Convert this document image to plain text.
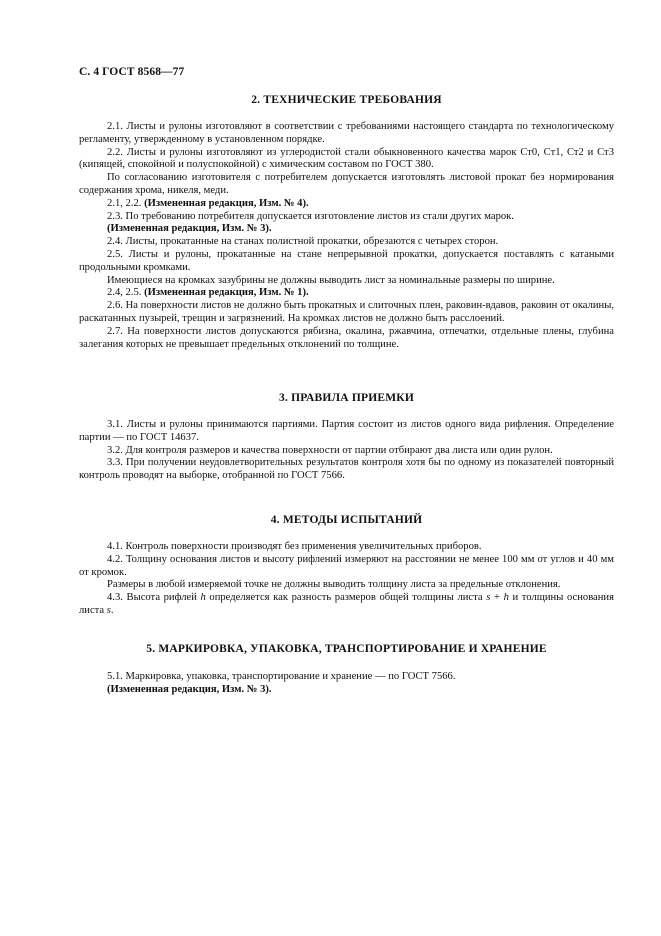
С. 4 ГОСТ 8568—77
2. ТЕХНИЧЕСКИЕ ТРЕБОВАНИЯ

2.1. Листы и рулоны изготовляют в соответствии с требованиями настоящего стандарта по технологическому регламенту, утвержденному в установленном порядке.

2.2. Листы и рулоны изготовляют из углеродистой стали обыкновенного качества марок Ст0, Ст1, Ст2 и Ст3 (кипящей, спокойной и полуспокойной) с химическим составом по ГОСТ 380.

По согласованию изготовителя с потребителем допускается изготовлять листовой прокат без нормирования содержания хрома, никеля, меди.

2.1, 2.2. (Измененная редакция, Изм. № 4).

2.3. По требованию потребителя допускается изготовление листов из стали других марок.

(Измененная редакция, Изм. № 3).

2.4. Листы, прокатанные на станах полистной прокатки, обрезаются с четырех сторон.

2.5. Листы и рулоны, прокатанные на стане непрерывной прокатки, допускается поставлять с катаными продольными кромками.

Имеющиеся на кромках зазубрины не должны выводить лист за номинальные размеры по ширине.

2.4, 2.5. (Измененная редакция, Изм. № 1).

2.6. На поверхности листов не должно быть прокатных и слиточных плен, раковин-вдавов, раковин от окалины, раскатанных пузырей, трещин и загрязнений. На кромках листов не должно быть расслоений.

2.7. На поверхности листов допускаются рябизна, окалина, ржавчина, отпечатки, отдельные плены, глубина залегания которых не превышает предельных отклонений по толщине.

3. ПРАВИЛА ПРИЕМКИ

3.1. Листы и рулоны принимаются партиями. Партия состоит из листов одного вида рифления. Определение партии — по ГОСТ 14637.

3.2. Для контроля размеров и качества поверхности от партии отбирают два листа или один рулон.

3.3. При получении неудовлетворительных результатов контроля хотя бы по одному из показателей повторный контроль проводят на выборке, отобранной по ГОСТ 7566.

4. МЕТОДЫ ИСПЫТАНИЙ

4.1. Контроль поверхности производят без применения увеличительных приборов.

4.2. Толщину основания листов и высоту рифлений измеряют на расстоянии не менее 100 мм от углов и 40 мм от кромок.

Размеры в любой измеряемой точке не должны выводить толщину листа за предельные отклонения.

4.3. Высота рифлей h определяется как разность размеров общей толщины листа s + h и толщины основания листа s.

5. МАРКИРОВКА, УПАКОВКА, ТРАНСПОРТИРОВАНИЕ И ХРАНЕНИЕ

5.1. Маркировка, упаковка, транспортирование и хранение — по ГОСТ 7566.

(Измененная редакция, Изм. № 3).
